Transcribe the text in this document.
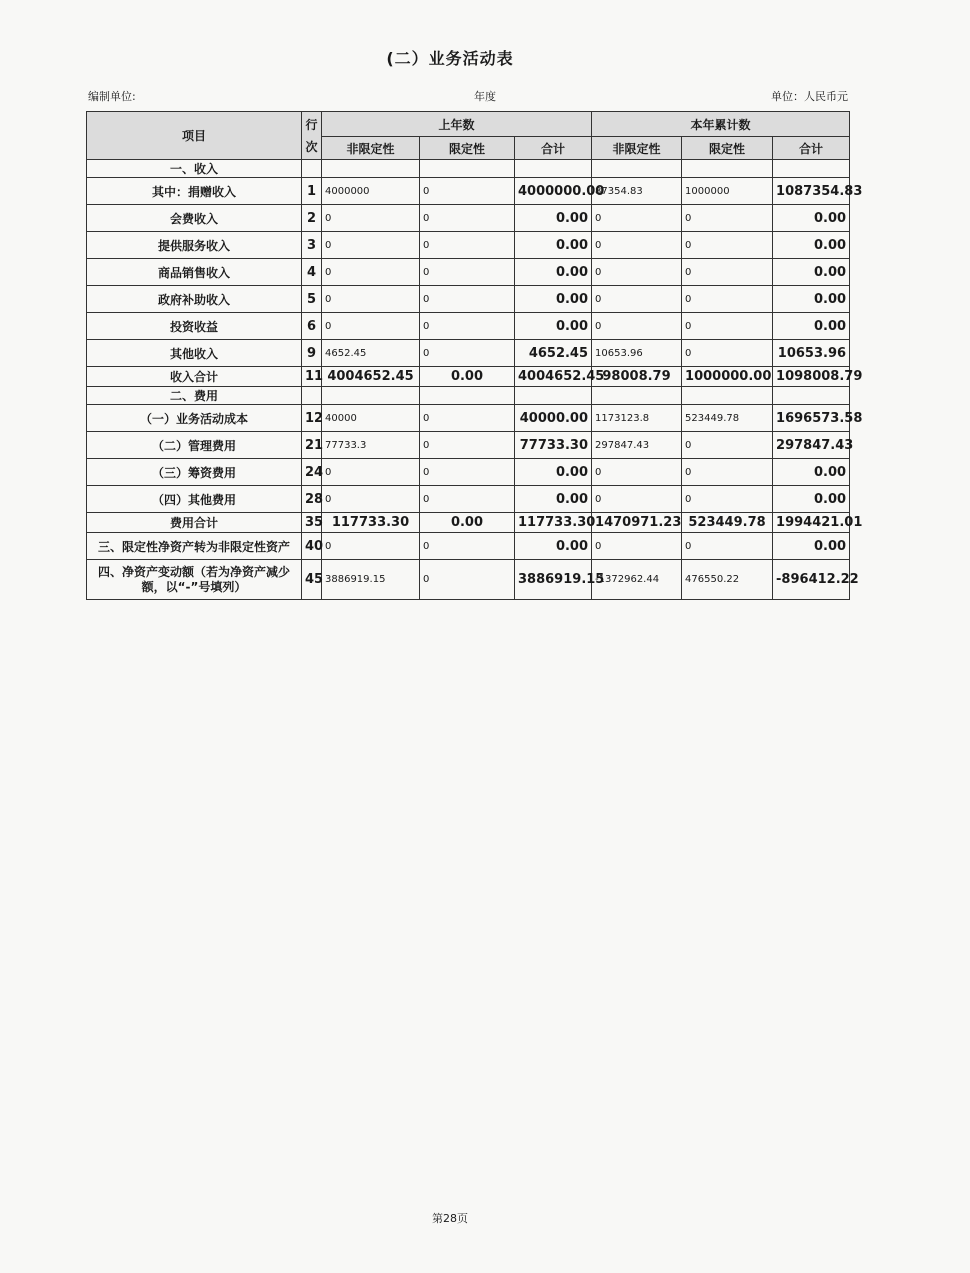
(二）业务活动表
编制单位:	年度	单位：人民币元
项目	行次	上年数			本年累计数		
		非限定性	限定性	合计	非限定性	限定性	合计
一、收入							
其中：捐赠收入	1	4000000	0	4000000.00	87354.83	1000000	1087354.83
会费收入	2	0	0	0.00	0	0	0.00
提供服务收入	3	0	0	0.00	0	0	0.00
商品销售收入	4	0	0	0.00	0	0	0.00
政府补助收入	5	0	0	0.00	0	0	0.00
投资收益	6	0	0	0.00	0	0	0.00
其他收入	9	4652.45	0	4652.45	10653.96	0	10653.96
收入合计	11	4004652.45	0.00	4004652.45	98008.79	1000000.00	1098008.79
二、费用							
（一）业务活动成本	12	40000	0	40000.00	1173123.8	523449.78	1696573.58
（二）管理费用	21	77733.3	0	77733.30	297847.43	0	297847.43
（三）筹资费用	24	0	0	0.00	0	0	0.00
（四）其他费用	28	0	0	0.00	0	0	0.00
费用合计	35	117733.30	0.00	117733.30	1470971.23	523449.78	1994421.01
三、限定性净资产转为非限定性资产	40	0	0	0.00	0	0	0.00
四、净资产变动额（若为净资产减少额，以“-”号填列）	45	3886919.15	0	3886919.15	-1372962.44	476550.22	-896412.22
第28页
